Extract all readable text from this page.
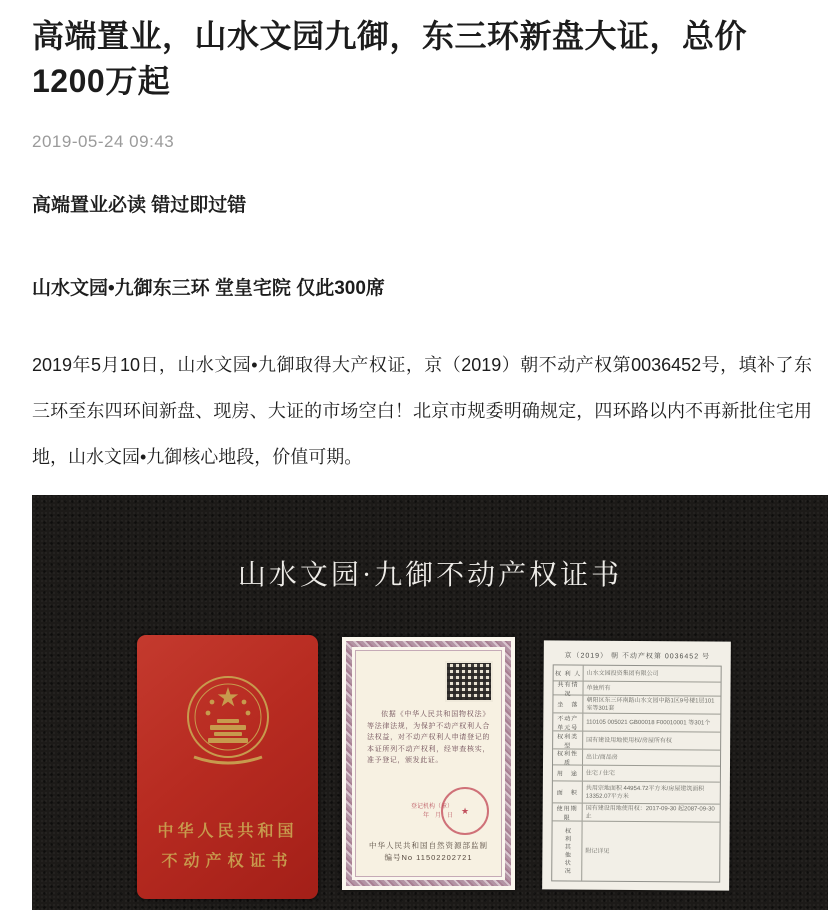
高端置业，山水文园九御，东三环新盘大证，总价1200万起
2019-05-24 09:43
高端置业必读 错过即过错
山水文园•九御东三环 堂皇宅院 仅此300席

2019年5月10日，山水文园•九御取得大产权证，京（2019）朝不动产权第0036452号，填补了东三环至东四环间新盘、现房、大证的市场空白！北京市规委明确规定，四环路以内不再新批住宅用地，山水文园•九御核心地段，价值可期。

山水文园·九御不动产权证书
中华人民共和国
不动产权证书
依据《中华人民共和国物权法》等法律法规，为保护不动产权利人合法权益，对不动产权利人申请登记的本证所列不动产权利，经审查核实，准予登记，颁发此证。
登记机构（章）
年　月　日
★
中华人民共和国自然资源部监制
编号No 11502202721
京（2019） 朝 不动产权第 0036452 号
权 利 人 山水文园投资集团有限公司
共有情况
单独所有
坐　落
朝阳区东三环南路山水文园中路1区9号楼1层101室等301套
不动产单元号
110105 005021 GB00018 F00010001 等301个
权利类型
国有建设用地使用权/房屋所有权
权利性质
出让/商品房
用　途	住宅 / 住宅
面　积
共用宗地面积 44954.72平方米/房屋建筑面积 13352.07平方米
使用期限
国有建设用地使用权：2017-09-30 起2087-09-30 止
权利其他状况	附记详见
